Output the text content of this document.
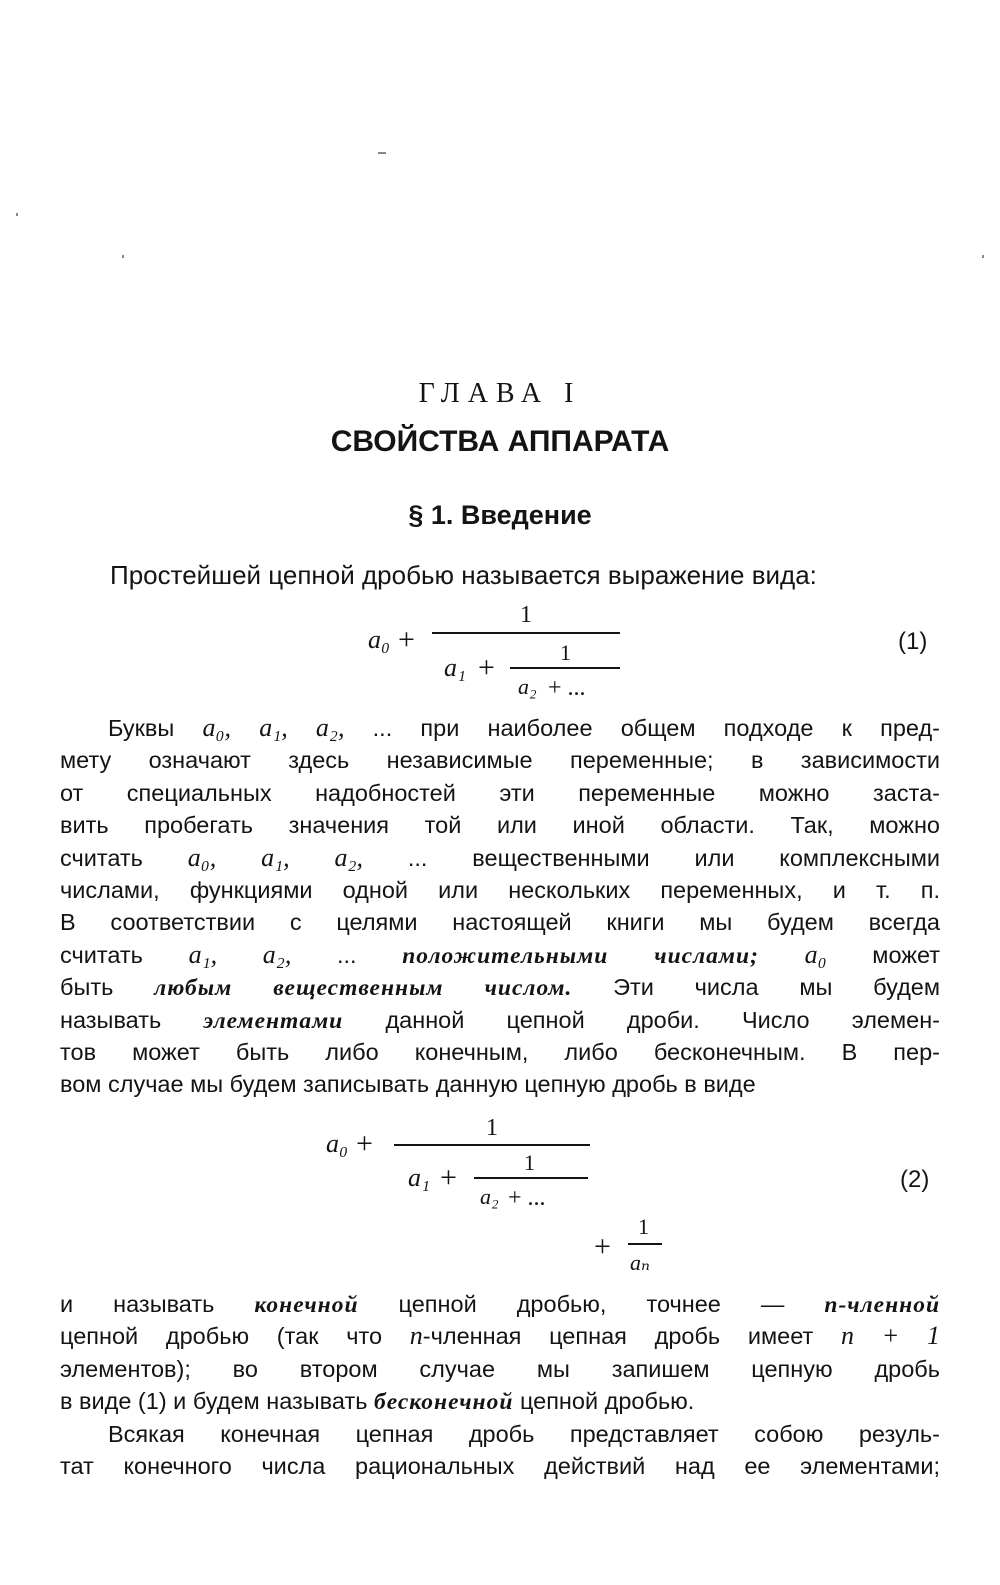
ГЛАВА I
СВОЙСТВА АППАРАТА
§ 1. Введение
Простейшей цепной дробью называется выражение вида:
a₀ +
1
a₁ +	1
a₂ + ...
(1)
Буквы a₀, a₁, a₂, ... при наиболее общем подходе к пред-
мету означают здесь независимые переменные; в зависимости
от специальных надобностей эти переменные можно заста-
вить пробегать значения той или иной области. Так, можно
считать a₀, a₁, a₂, ... вещественными или комплексными
числами, функциями одной или нескольких переменных, и т. п.
В соответствии с целями настоящей книги мы будем всегда
считать a₁, a₂, ... положительными числами; a₀ может
быть любым вещественным числом. Эти числа мы будем
называть элементами данной цепной дроби. Число элемен-
тов может быть либо конечным, либо бесконечным. В пер-
вом случае мы будем записывать данную цепную дробь в виде
a₀ +	1
a₁ +	1
a₂ + ...
+
1
aₙ
(2)
и называть конечной цепной дробью, точнее — n-членной
цепной дробью (так что n-членная цепная дробь имеет n + 1
элементов); во втором случае мы запишем цепную дробь
в виде (1) и будем называть бесконечной цепной дробью.
Всякая конечная цепная дробь представляет собою резуль-
тат конечного числа рациональных действий над ее элементами;
